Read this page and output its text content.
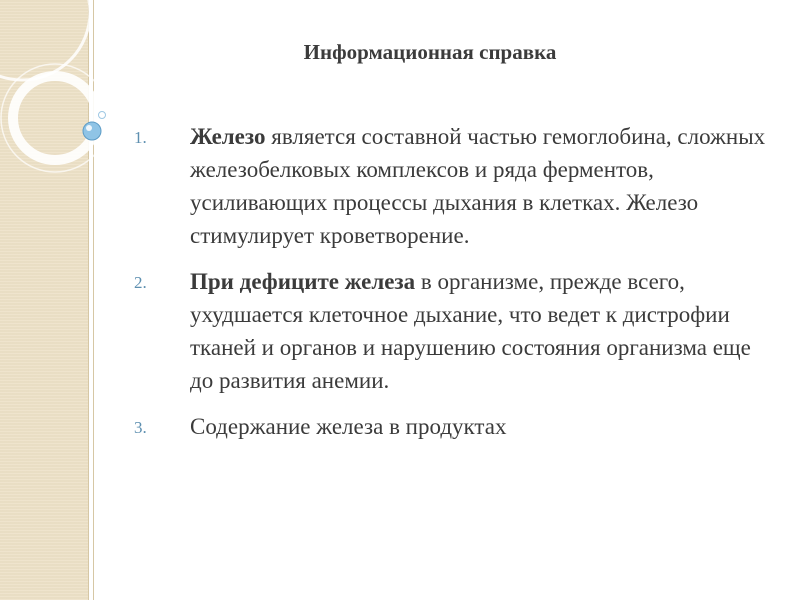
Информационная справка
1. Железо является составной частью гемоглобина, сложных железобелковых комплексов и ряда ферментов, усиливающих процессы дыхания в клетках. Железо стимулирует кроветворение.
2. При дефиците железа в организме, прежде всего, ухудшается клеточное дыхание, что ведет к дистрофии тканей и органов и нарушению состояния организма еще до развития анемии.
3. Содержание железа в продуктах
